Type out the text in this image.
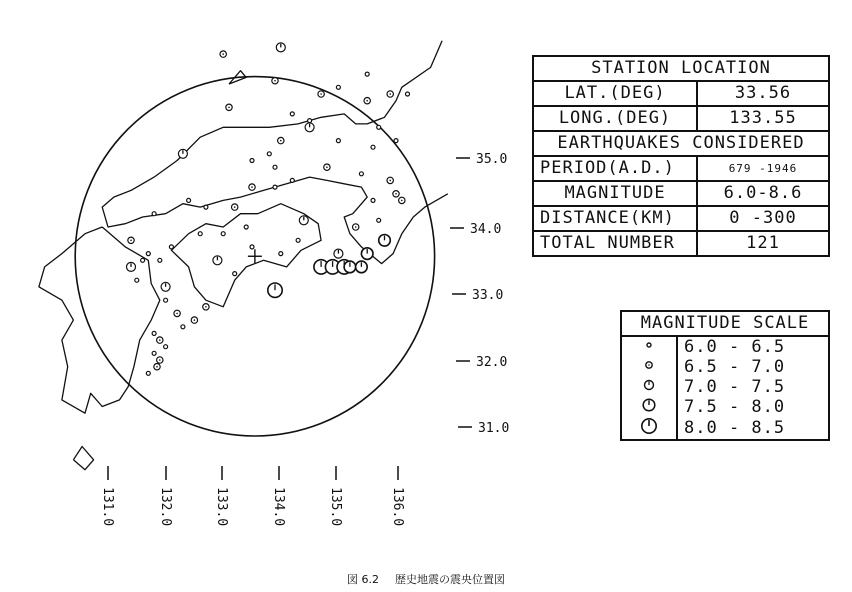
35.0
34.0
33.0
32.0
31.0
131.0	132.0	133.0	134.0	135.0	136.0
STATION LOCATION	
LAT.(DEG)	33.56
LONG.(DEG)	133.55
EARTHQUAKES CONSIDERED	
PERIOD(A.D.)	679 -1946
MAGNITUDE	6.0-8.6
DISTANCE(KM)	0 -300
TOTAL NUMBER	121
MAGNITUDE SCALE	
	6.0 - 6.5
	6.5 - 7.0
	7.0 - 7.5
	7.5 - 8.0
	8.0 - 8.5
図 6.2 歴史地震の震央位置図
